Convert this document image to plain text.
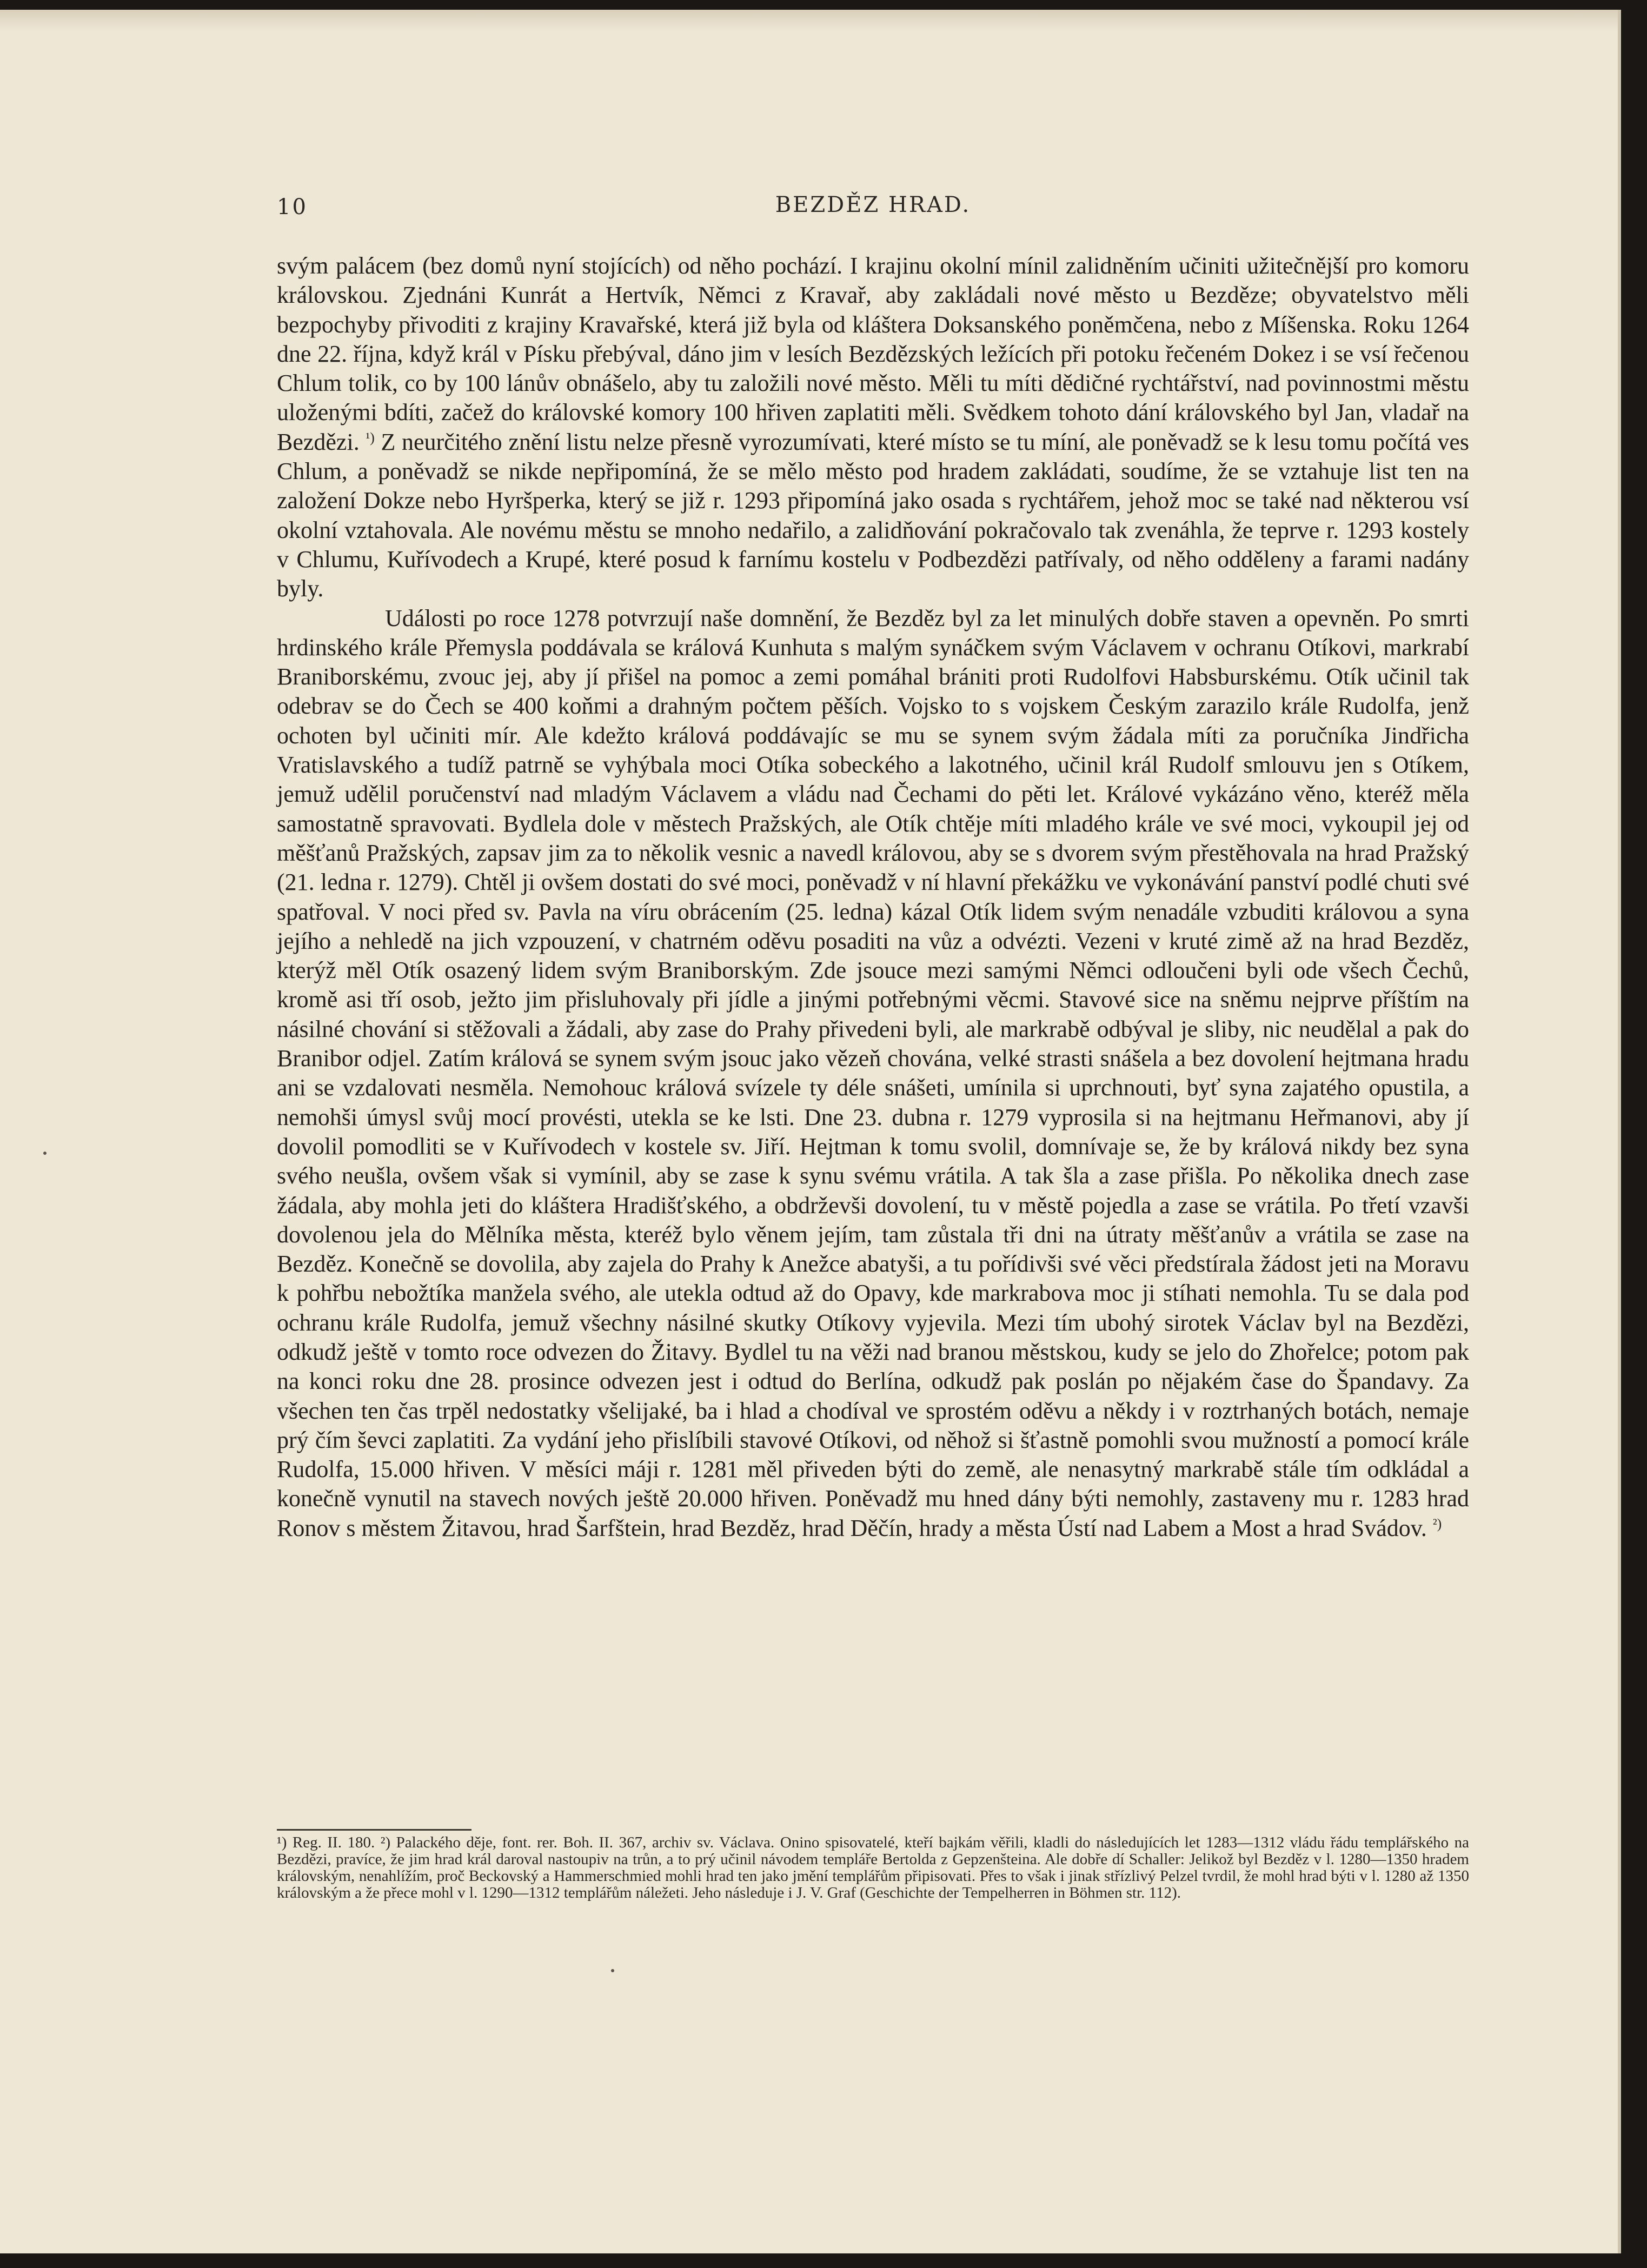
10	BEZDĚZ HRAD.

svým palácem (bez domů nyní stojících) od něho pochází. I krajinu okolní mínil zalidněním učiniti užitečnější pro komoru královskou. Zjednáni Kunrát a Hertvík, Němci z Kravař, aby zakládali nové město u Bezděze; obyvatelstvo měli bezpochyby přivoditi z krajiny Kravařské, která již byla od kláštera Doksanského poněmčena, nebo z Míšenska. Roku 1264 dne 22. října, když král v Písku přebýval, dáno jim v lesích Bezdězských ležících při potoku řečeném Dokez i se vsí řečenou Chlum tolik, co by 100 lánův obnášelo, aby tu založili nové město. Měli tu míti dědičné rychtářství, nad povinnostmi městu uloženými bdíti, začež do královské komory 100 hřiven zaplatiti měli. Svědkem tohoto dání královského byl Jan, vladař na Bezdězi. $^{^1)}$ Z neurčitého znění listu nelze přesně vyrozumívati, které místo se tu míní, ale poněvadž se k lesu tomu počítá ves Chlum, a poněvadž se nikde nepřipomíná, že se mělo město pod hradem zakládati, soudíme, že se vztahuje list ten na založení Dokze nebo Hyršperka, který se již r. 1293 připomíná jako osada s rychtářem, jehož moc se také nad některou vsí okolní vztahovala. Ale novému městu se mnoho nedařilo, a zalidňování pokračovalo tak zvenáhla, že teprve r. 1293 kostely v Chlumu, Kuřívodech a Krupé, které posud k farnímu kostelu v Podbezdězi patřívaly, od něho odděleny a farami nadány byly.

Události po roce 1278 potvrzují naše domnění, že Bezděz byl za let minulých dobře staven a opevněn. Po smrti hrdinského krále Přemysla poddávala se králová Kunhuta s malým synáčkem svým Václavem v ochranu Otíkovi, markrabí Braniborskému, zvouc jej, aby jí přišel na pomoc a zemi pomáhal brániti proti Rudolfovi Habsburskému. Otík učinil tak odebrav se do Čech se 400 koňmi a drahným počtem pěších. Vojsko to s vojskem Českým zarazilo krále Rudolfa, jenž ochoten byl učiniti mír. Ale kdežto králová poddávajíc se mu se synem svým žádala míti za poručníka Jindřicha Vratislavského a tudíž patrně se vyhýbala moci Otíka sobeckého a lakotného, učinil král Rudolf smlouvu jen s Otíkem, jemuž udělil poručenství nad mladým Václavem a vládu nad Čechami do pěti let. Králové vykázáno věno, kteréž měla samostatně spravovati. Bydlela dole v městech Pražských, ale Otík chtěje míti mladého krále ve své moci, vykoupil jej od měšťanů Pražských, zapsav jim za to několik vesnic a navedl královou, aby se s dvorem svým přestěhovala na hrad Pražský (21. ledna r. 1279). Chtěl ji ovšem dostati do své moci, poněvadž v ní hlavní překážku ve vykonávání panství podlé chuti své spatřoval. V noci před sv. Pavla na víru obrácením (25. ledna) kázal Otík lidem svým nenadále vzbuditi královou a syna jejího a nehledě na jich vzpouzení, v chatrném oděvu posaditi na vůz a odvézti. Vezeni v kruté zimě až na hrad Bezděz, kterýž měl Otík osazený lidem svým Braniborským. Zde jsouce mezi samými Němci odloučeni byli ode všech Čechů, kromě asi tří osob, ježto jim přisluhovaly při jídle a jinými potřebnými věcmi. Stavové sice na sněmu nejprve příštím na násilné chování si stěžovali a žádali, aby zase do Prahy přivedeni byli, ale markrabě odbýval je sliby, nic neudělal a pak do Branibor odjel. Zatím králová se synem svým jsouc jako vězeň chována, velké strasti snášela a bez dovolení hejtmana hradu ani se vzdalovati nesměla. Nemohouc králová svízele ty déle snášeti, umínila si uprchnouti, byť syna zajatého opustila, a nemohši úmysl svůj mocí provésti, utekla se ke lsti. Dne 23. dubna r. 1279 vyprosila si na hejtmanu Heřmanovi, aby jí dovolil pomodliti se v Kuřívodech v kostele sv. Jiří. Hejtman k tomu svolil, domnívaje se, že by králová nikdy bez syna svého neušla, ovšem však si vymínil, aby se zase k synu svému vrátila. A tak šla a zase přišla. Po několika dnech zase žádala, aby mohla jeti do kláštera Hradišťského, a obdrževši dovolení, tu v městě pojedla a zase se vrátila. Po třetí vzavši dovolenou jela do Mělníka města, kteréž bylo věnem jejím, tam zůstala tři dni na útraty měšťanův a vrátila se zase na Bezděz. Konečně se dovolila, aby zajela do Prahy k Anežce abatyši, a tu pořídivši své věci předstírala žádost jeti na Moravu k pohřbu nebožtíka manžela svého, ale utekla odtud až do Opavy, kde markrabova moc ji stíhati nemohla. Tu se dala pod ochranu krále Rudolfa, jemuž všechny násilné skutky Otíkovy vyjevila. Mezi tím ubohý sirotek Václav byl na Bezdězi, odkudž ještě v tomto roce odvezen do Žitavy. Bydlel tu na věži nad branou městskou, kudy se jelo do Zhořelce; potom pak na konci roku dne 28. prosince odvezen jest i odtud do Berlína, odkudž pak poslán po nějakém čase do Špandavy. Za všechen ten čas trpěl nedostatky všelijaké, ba i hlad a chodíval ve sprostém oděvu a někdy i v roztrhaných botách, nemaje prý čím ševci zaplatiti. Za vydání jeho přislíbili stavové Otíkovi, od něhož si šťastně pomohli svou mužností a pomocí krále Rudolfa, 15.000 hřiven. V měsíci máji r. 1281 měl přiveden býti do země, ale nenasytný markrabě stále tím odkládal a konečně vynutil na stavech nových ještě 20.000 hřiven. Poněvadž mu hned dány býti nemohly, zastaveny mu r. 1283 hrad Ronov s městem Žitavou, hrad Šarfštein, hrad Bezděz, hrad Děčín, hrady a města Ústí nad Labem a Most a hrad Svádov. $^{^2)}$

¹) Reg. II. 180. ²) Palackého děje, font. rer. Boh. II. 367, archiv sv. Václava. Onino spisovatelé, kteří bajkám věřili, kladli do následujících let 1283—1312 vládu řádu templářského na Bezdězi, pravíce, že jim hrad král daroval nastoupiv na trůn, a to prý učinil návodem templáře Bertolda z Gepzenšteina. Ale dobře dí Schaller: Jelikož byl Bezděz v l. 1280—1350 hradem královským, nenahlížím, proč Beckovský a Hammerschmied mohli hrad ten jako jmění templářům připisovati. Přes to však i jinak střízlivý Pelzel tvrdil, že mohl hrad býti v l. 1280 až 1350 královským a že přece mohl v l. 1290—1312 templářům náležeti. Jeho následuje i J. V. Graf (Geschichte der Tempelherren in Böhmen str. 112).
